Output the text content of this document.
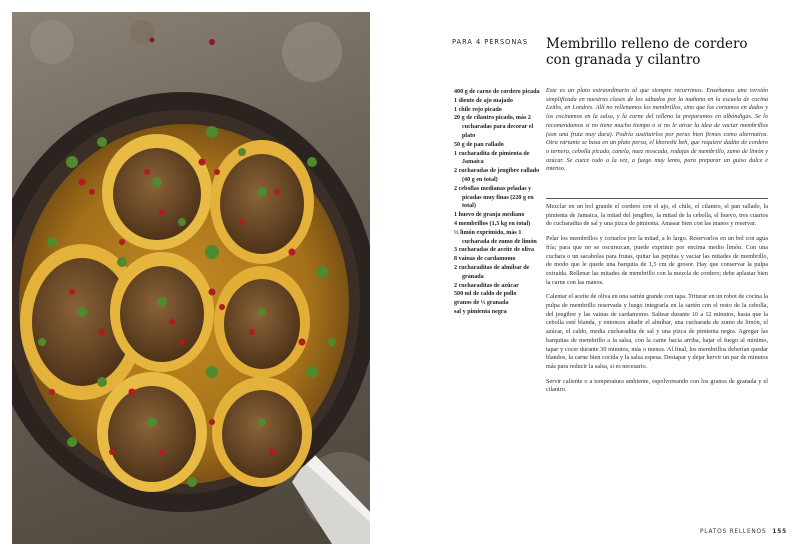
PARA 4 PERSONAS Membrillo relleno de cordero
con granada y cilantro
400 g de carne de cordero picada
1 diente de ajo majado
1 chile rojo picado
20 g de cilantro picado, más 2 cucharadas para decorar el plato
50 g de pan rallado
1 cucharadita de pimienta de Jamaica
2 cucharadas de jengibre rallado (40 g en total)
2 cebollas medianas peladas y picadas muy finas (220 g en total)
1 huevo de granja mediano
4 membrillos (1,3 kg en total)
½ limón exprimido, más 1 cucharada de zumo de limón
3 cucharadas de aceite de oliva
8 vainas de cardamomo
2 cucharaditas de almíbar de granada
2 cucharaditas de azúcar
500 ml de caldo de pollo
granos de ½ granada
sal y pimienta negra

Este es un plato extraordinario al que siempre recurrimos. Enseñamos una versión simplificada en nuestras clases de los sábados por la mañana en la escuela de cocina Leiths, en Londres. Allí no rellenamos los membrillos, sino que los cortamos en dados y los cocinamos en la salsa, y la carne del relleno la preparamos en albóndigas. Se lo recomendamos si no tiene mucho tiempo o si no le atrae la idea de vaciar membrillos (son una fruta muy dura). Podría sustituirlos por peras bien firmes como alternativa. Otra variante se basa en un plato persa, el khoreshi beh, que requiere dadito de cordero o ternera, cebolla picada, canela, nuez moscada, rodajas de membrillo, zumo de limón y azúcar. Se cuece todo a la vez, a fuego muy lento, para preparar un guiso dulce e intenso.

Mezclar en un bol grande el cordero con el ajo, el chile, el cilantro, el pan rallado, la pimienta de Jamaica, la mitad del jengibre, la mitad de la cebolla, el huevo, tres cuartos de cucharadita de sal y una pizca de pimienta. Amasar bien con las manos y reservar.

Pelar los membrillos y cortarlos por la mitad, a lo largo. Reservarlos en un bol con agua fría; para que no se oscurezcan, puede exprimir por encima medio limón. Con una cuchara o un sacabolas para frutas, quitar las pepitas y vaciar las mitades de membrillo, de modo que le quede una barquita de 1,5 cm de grosor. Hay que conservar la pulpa extraída. Rellenar las mitades de membrillo con la mezcla de cordero; debe aplastar bien la carne con las manos.

Calentar el aceite de oliva en una sartén grande con tapa. Triturar en un robot de cocina la pulpa de membrillo reservada y luego integrarla en la sartén con el resto de la cebolla, del jengibre y las vainas de cardamomo. Saltear durante 10 a 12 minutos, hasta que la cebolla esté blanda, y entonces añadir el almíbar, una cucharada de zumo de limón, el azúcar, el caldo, media cucharadita de sal y una pizca de pimienta negra. Agregar las barquitas de membrillo a la salsa, con la carne hacia arriba, bajar el fuego al mínimo, tapar y cocer durante 30 minutos, más o menos. Al final, los membrillos deberían quedar blandos, la carne bien cocida y la salsa espesa. Destapar y dejar hervir un par de minutos más para reducir la salsa, si es necesario.

Servir caliente o a temperatura ambiente, espolvoreando con los granos de granada y el cilantro.

PLATOS RELLENOS 155
